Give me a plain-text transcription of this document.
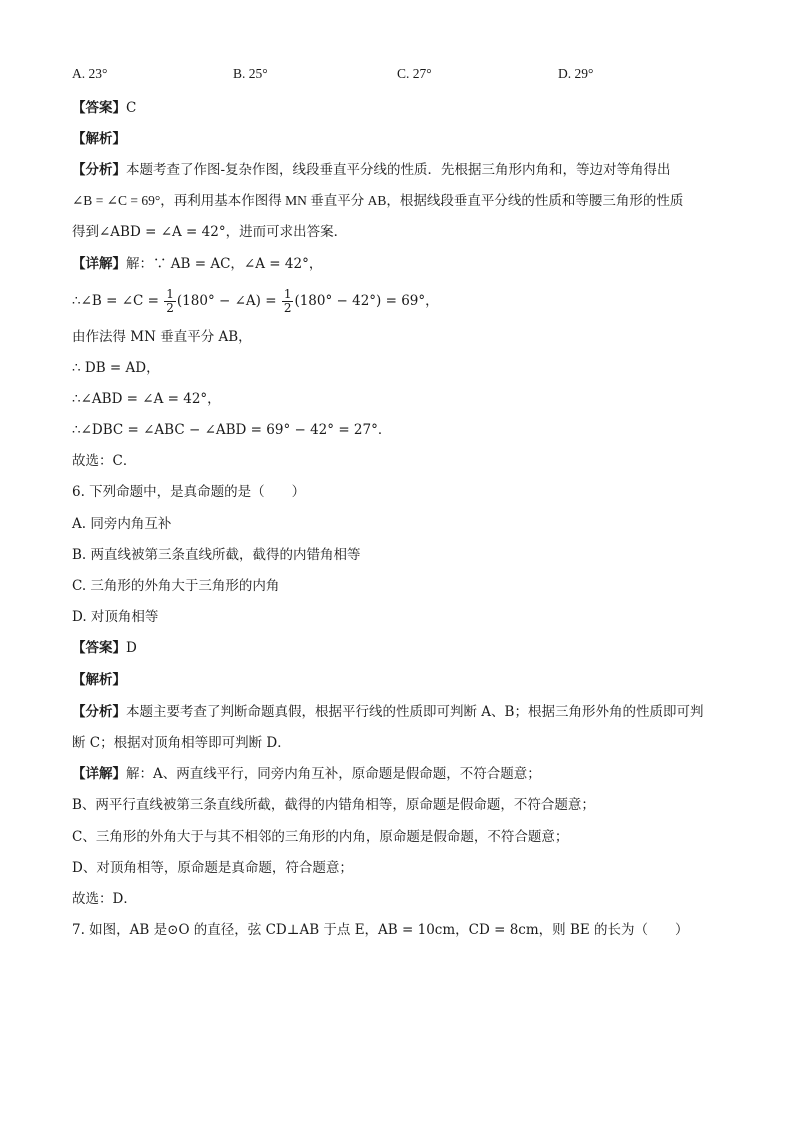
A. 23°	B. 25°	C. 27°	D. 29°
【答案】C
【解析】
【分析】本题考查了作图-复杂作图，线段垂直平分线的性质．先根据三角形内角和，等边对等角得出
∠B = ∠C = 69°，再利用基本作图得 MN 垂直平分 AB，根据线段垂直平分线的性质和等腰三角形的性质
得到∠ABD = ∠A = 42°，进而可求出答案．
【详解】解：∵ AB = AC，∠A = 42°，
∴∠B = ∠C = $\frac{1}{2} (180^\circ$ − ∠A) = $\frac{1}{2} (180^\circ - 42^\circ) = 69^\circ$，
由作法得 MN 垂直平分 AB，
∴ DB = AD，
∴∠ABD = ∠A = 42°，
∴∠DBC = ∠ABC − ∠ABD = 69° − 42° = 27°．
故选：C．
6. 下列命题中，是真命题的是（　　）
A. 同旁内角互补
B. 两直线被第三条直线所截，截得的内错角相等
C. 三角形的外角大于三角形的内角
D. 对顶角相等
【答案】D
【解析】
【分析】本题主要考查了判断命题真假，根据平行线的性质即可判断 A、B；根据三角形外角的性质即可判
断 C；根据对顶角相等即可判断 D．
【详解】解：A、两直线平行，同旁内角互补，原命题是假命题，不符合题意；
B、两平行直线被第三条直线所截，截得的内错角相等，原命题是假命题，不符合题意；
C、三角形的外角大于与其不相邻的三角形的内角，原命题是假命题，不符合题意；
D、对顶角相等，原命题是真命题，符合题意；
故选：D．
7. 如图，AB 是⊙O 的直径，弦 CD⊥AB 于点 E，AB = 10cm，CD = 8cm，则 BE 的长为（　　）
